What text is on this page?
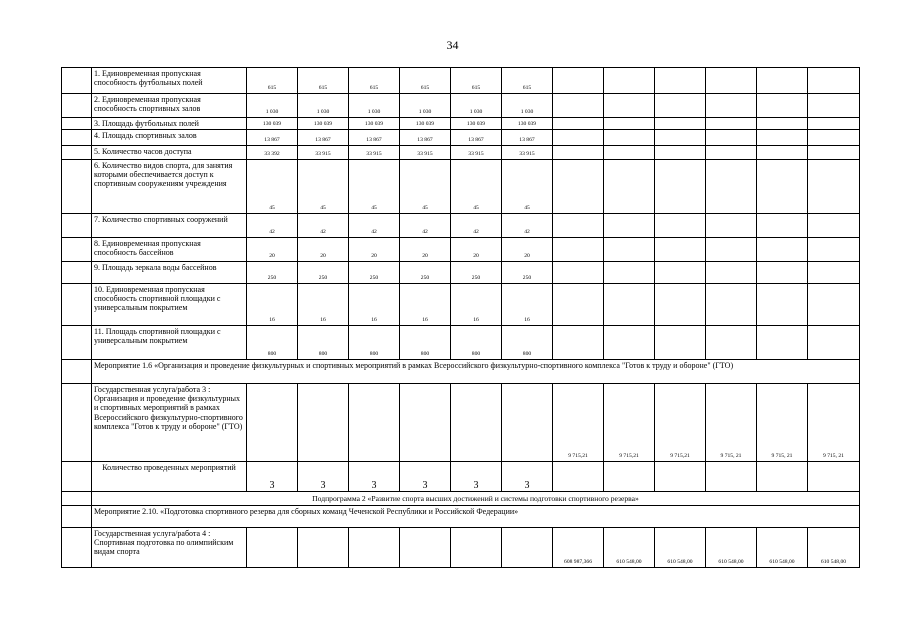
34
	1. Единовременная пропускная способность футбольных полей	615	615	615	615	615	615						
	2. Единовременная пропускная способность спортивных залов	1 030	1 030	1 030	1 030	1 030	1 030						
	3. Площадь футбольных полей	130 039	130 039	130 039	130 039	130 039	130 039						
	4. Площадь спортивных залов	13 867	13 867	13 867	13 867	13 867	13 867						
	5. Количество часов доступа	33 392	33 915	33 915	33 915	33 915	33 915						
	6. Количество видов спорта, для занятия которыми обеспечивается доступ к спортивным сооружениям учреждения	45	45	45	45	45	45						
	7. Количество спортивных сооружений	42	42	42	42	42	42						
	8. Единовременная пропускная способность бассейнов	20	20	20	20	20	20						
	9. Площадь зеркала воды бассейнов	250	250	250	250	250	250						
	10. Единовременная пропускная способность спортивной площадки с универсальным покрытием	16	16	16	16	16	16						
	11. Площадь спортивной площадки с универсальным покрытием	800	800	800	800	800	800						
	Мероприятие 1.6 «Организация и проведение физкультурных и спортивных мероприятий в рамках Всероссийского физкультурно-спортивного комплекса "Готов к труду и обороне" (ГТО)												
	Государственная услуга/работа 3 : Организация и проведение физкультурных и спортивных мероприятий в рамках Всероссийского физкультурно-спортивного комплекса "Готов к труду и обороне" (ГТО)							9 715,21	9 715,21	9 715,21	9 715, 21	9 715, 21	9 715, 21
	Количество проведенных мероприятий	3	3	3	3	3	3						
	Подпрограмма 2 «Развитие спорта высших достижений и системы подготовки спортивного резерва»												
	Мероприятие 2.10. «Подготовка спортивного резерва для сборных команд Чеченской Республики и Российской Федерации»												
	Государственная услуга/работа 4 : Спортивная подготовка по олимпийским видам спорта							608 987,366	610 548,00	610 548,00	610 548,00	610 548,00	610 548,00
